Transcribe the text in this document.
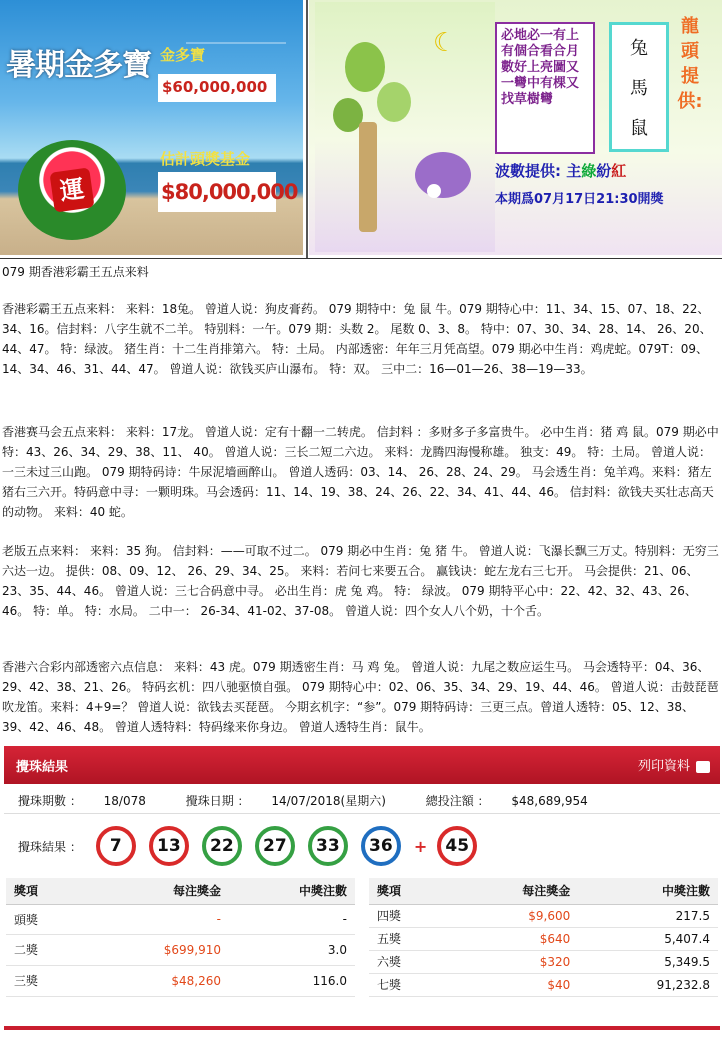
暑期金多寶 金多寶
$60,000,000
估計頭獎基金
$80,000,000
運
☾	必地必一有上有個合看合月數好上亮圖又一彎中有棵又找草樹彎
兔
馬
鼠
龍頭提供:
波數提供: 主綠紛紅
本期爲07月17日21:30開獎
079 期香港彩霸王五点来料
香港彩霸王五点来料： 来料：18兔。 曾道人说：狗皮膏药。 079 期特中：兔 鼠 牛。079 期特心中：11、34、15、07、18、22、34、16。信封料：八字生就不二羊。 特别料：一午。079 期：头数 2。 尾数 0、3、8。 特中：07、30、34、28、14、 26、20、44、47。 特：绿波。 猪生肖：十二生肖排第六。 特：土局。 内部透密：年年三月凭高望。079 期必中生肖：鸡虎蛇。079T：09、14、34、46、31、44、47。 曾道人说：欲钱买庐山瀑布。 特：双。 三中二：16—01—26、38—19—33。
香港赛马会五点来料： 来料：17龙。 曾道人说：定有十翻一二转虎。 信封料 ：多财多子多富贵牛。 必中生肖：猪 鸡 鼠。079 期必中特：43、26、34、29、38、11、 40。 曾道人说：三长二短二六边。 来料：龙腾四海慢称雄。 独支：49。 特：土局。 曾道人说：一三未过三山跑。 079 期特码诗：牛尿泥墙画醉山。 曾道人透码：03、14、 26、28、24、29。 马会透生肖：兔羊鸡。来料：猪左猪右三六开。特码意中寻：一颗明珠。马会透码：11、14、19、38、24、26、22、34、41、44、46。 信封料：欲钱夫买壮志高天的动物。 来料：40 蛇。
老版五点来料： 来料：35 狗。 信封料：——可取不过二。 079 期必中生肖：兔 猪 牛。 曾道人说：飞瀑长飘三万丈。特别料：无穷三六达一边。 提供：08、09、12、 26、29、34、25。 来料：若问七来要五合。 赢钱诀：蛇左龙右三七开。 马会提供：21、06、23、35、44、46。 曾道人说：三七合码意中寻。 必出生肖：虎 兔 鸡。 特： 绿波。 079 期特平心中：22、42、32、43、26、46。 特：单。 特：水局。 二中一： 26-34、41-02、37-08。 曾道人说：四个女人八个奶，十个舌。
香港六合彩内部透密六点信息： 来料：43 虎。079 期透密生肖：马 鸡 兔。 曾道人说：九尾之数应运生马。 马会透特平：04、36、29、42、38、21、26。 特码玄机：四八驰驱愤自强。 079 期特心中：02、06、35、34、29、19、44、46。 曾道人说：击鼓琵琶吹龙笛。来料：4+9=？ 曾道人说：欲钱去买琵琶。 今期玄机字：“参”。079 期特码诗：三更三点。曾道人透特：05、12、38、39、42、46、48。 曾道人透特料：特码缘来你身边。 曾道人透特生肖：鼠牛。
攪珠結果	列印資料
攪珠期數 ： 18/078	攪珠日期 ： 14/07/2018(星期六)	總投注額 ： $48,689,954
攪珠結果 ：	7	13	22	27	33	36	+	45
獎項	每注獎金	中獎注數
頭獎	-	-
二獎	$699,910	3.0
三獎	$48,260	116.0
獎項	每注獎金	中獎注數
四獎	$9,600	217.5
五獎	$640	5,407.4
六獎	$320	5,349.5
七獎	$40	91,232.8
